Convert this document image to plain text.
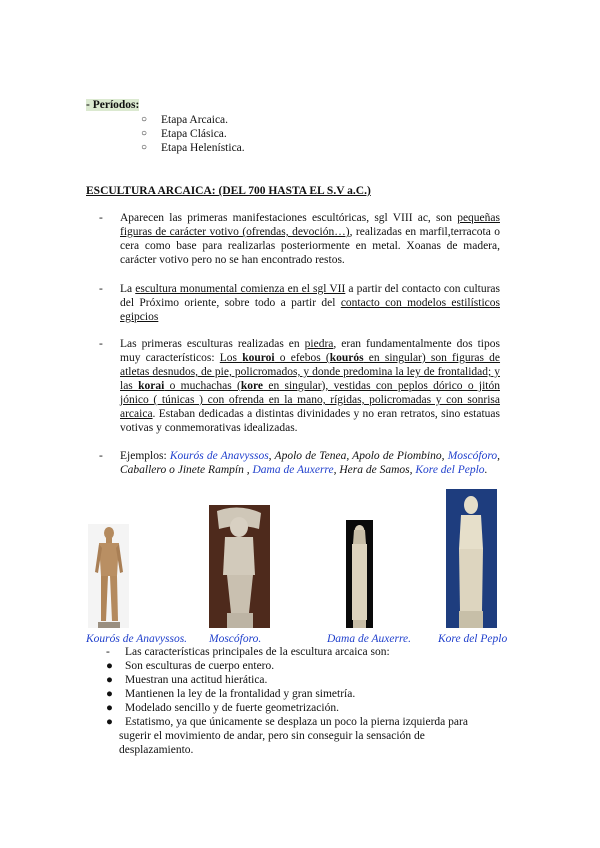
- Períodos:
○ Etapa Arcaica.
○ Etapa Clásica.
○ Etapa Helenística.
ESCULTURA ARCAICA: (DEL 700 HASTA EL S.V a.C.)
- Aparecen las primeras manifestaciones escultóricas, sgl VIII ac, son pequeñas figuras de carácter votivo (ofrendas, devoción…), realizadas en marfil,terracota o cera como base para realizarlas posteriormente en metal. Xoanas de madera, carácter votivo pero no se han encontrado restos.
- La escultura monumental comienza en el sgl VII a partir del contacto con culturas del Próximo oriente, sobre todo a partir del contacto con modelos estilísticos egipcios
- Las primeras esculturas realizadas en piedra, eran fundamentalmente dos tipos muy característicos: Los kouroi o efebos (kourós en singular) son figuras de atletas desnudos, de pie, policromados, y donde predomina la ley de frontalidad; y las korai o muchachas (kore en singular), vestidas con peplos dórico o jitón jónico ( túnicas ) con ofrenda en la mano, rígidas, policromadas y con sonrisa arcaica. Estaban dedicadas a distintas divinidades y no eran retratos, sino estatuas votivas y conmemorativas idealizadas.
- Ejemplos: Kourós de Anavyssos, Apolo de Tenea, Apolo de Piombino, Moscóforo, Caballero o Jinete Rampín , Dama de Auxerre, Hera de Samos, Kore del Peplo.
Kourós de Anavyssos. Moscóforo.	Dama de Auxerre. Kore del Peplo
- Las características principales de la escultura arcaica son:
● Son esculturas de cuerpo entero.
● Muestran una actitud hierática.
● Mantienen la ley de la frontalidad y gran simetría.
● Modelado sencillo y de fuerte geometrización.
● Estatismo, ya que únicamente se desplaza un poco la pierna izquierda para
sugerir el movimiento de andar, pero sin conseguir la sensación de
desplazamiento.
